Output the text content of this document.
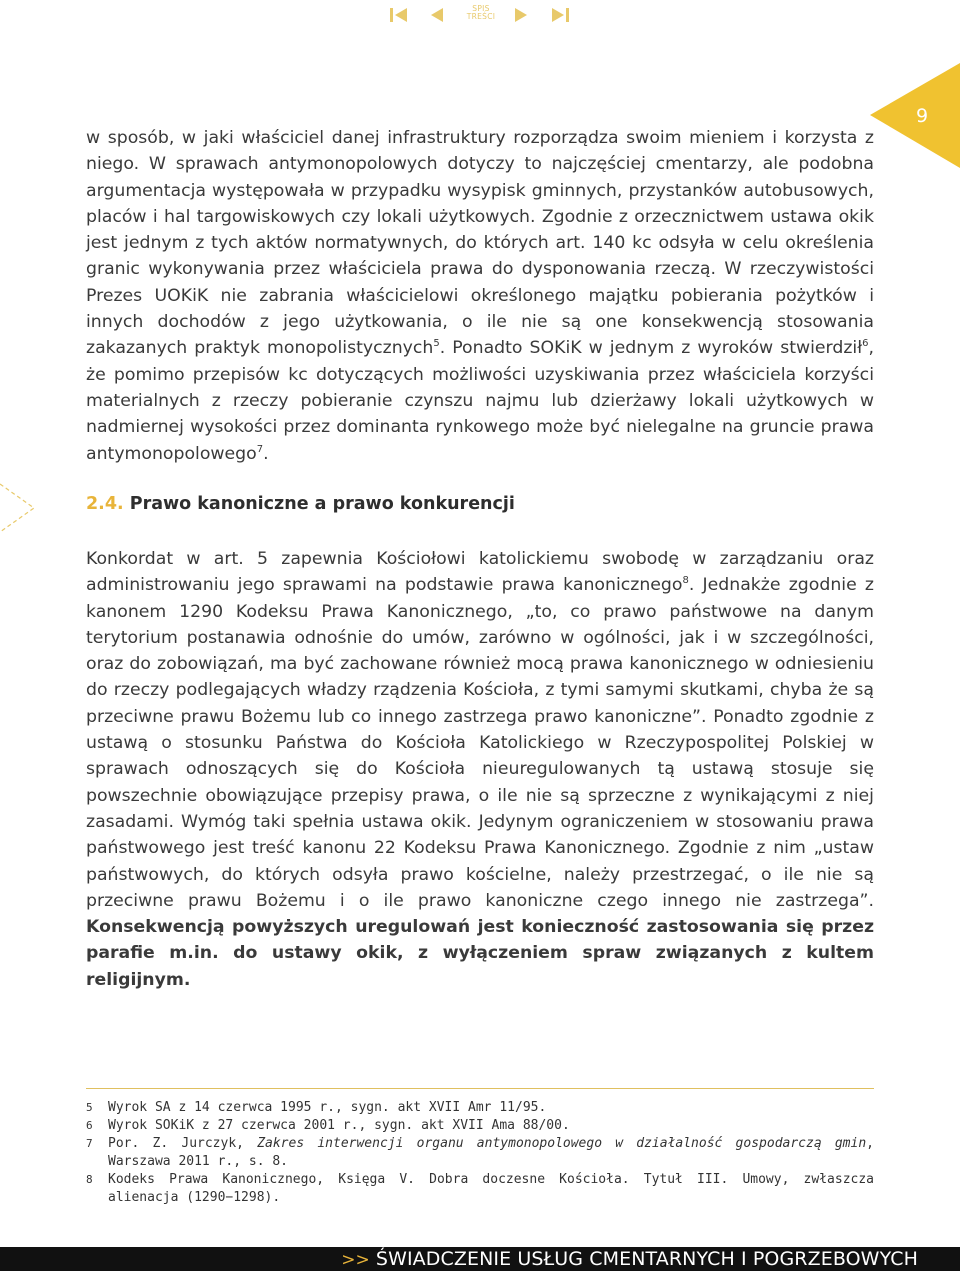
SPIS
TREŚCI
9

w sposób, w jaki właściciel danej infrastruktury rozporządza swoim mieniem i korzysta z niego. W sprawach antymonopolowych dotyczy to najczęściej cmentarzy, ale podobna argumentacja występowała w przypadku wysypisk gminnych, przystanków autobusowych, placów i hal targowiskowych czy lokali użytkowych. Zgodnie z orzecznictwem ustawa okik jest jednym z tych aktów normatywnych, do których art. 140 kc odsyła w celu określenia granic wykonywania przez właściciela prawa do dysponowania rzeczą. W rzeczywistości Prezes UOKiK nie zabrania właścicielowi określonego majątku pobierania pożytków i innych dochodów z jego użytkowania, o ile nie są one konsekwencją stosowania zakazanych praktyk monopolistycznych$^5$. Ponadto SOKiK w jednym z wyroków stwierdził$^6$, że pomimo przepisów kc dotyczących możliwości uzyskiwania przez właściciela korzyści materialnych z rzeczy pobieranie czynszu najmu lub dzierżawy lokali użytkowych w nadmiernej wysokości przez dominanta rynkowego może być nielegalne na gruncie prawa antymonopolowego$^7$.

2.4. Prawo kanoniczne a prawo konkurencji

Konkordat w art. 5 zapewnia Kościołowi katolickiemu swobodę w zarządzaniu oraz administrowaniu jego sprawami na podstawie prawa kanonicznego$^8$. Jednakże zgodnie z kanonem 1290 Kodeksu Prawa Kanonicznego, „to, co prawo państwowe na danym terytorium postanawia odnośnie do umów, zarówno w ogólności, jak i w szczególności, oraz do zobowiązań, ma być zachowane również mocą prawa kanonicznego w odniesieniu do rzeczy podlegających władzy rządzenia Kościoła, z tymi samymi skutkami, chyba że są przeciwne prawu Bożemu lub co innego zastrzega prawo kanoniczne”. Ponadto zgodnie z ustawą o stosunku Państwa do Kościoła Katolickiego w Rzeczypospolitej Polskiej w sprawach odnoszących się do Kościoła nieuregulowanych tą ustawą stosuje się powszechnie obowiązujące przepisy prawa, o ile nie są sprzeczne z wynikającymi z niej zasadami. Wymóg taki spełnia ustawa okik. Jedynym ograniczeniem w stosowaniu prawa państwowego jest treść kanonu 22 Kodeksu Prawa Kanonicznego. Zgodnie z nim „ustaw państwowych, do których odsyła prawo kościelne, należy przestrzegać, o ile nie są przeciwne prawu Bożemu i o ile prawo kanoniczne czego innego nie zastrzega”. Konsekwencją powyższych uregulowań jest konieczność zastosowania się przez parafie m.in. do ustawy okik, z wyłączeniem spraw związanych z kultem religijnym.

5 Wyrok SA z 14 czerwca 1995 r., sygn. akt XVII Amr 11/95.
6 Wyrok SOKiK z 27 czerwca 2001 r., sygn. akt XVII Ama 88/00.
7 Por. Z. Jurczyk, Zakres interwencji organu antymonopolowego w działalność gospodarczą gmin, Warszawa 2011 r., s. 8.
8 Kodeks Prawa Kanonicznego, Księga V. Dobra doczesne Kościoła. Tytuł III. Umowy, zwłaszcza alienacja (1290−1298).
>> ŚWIADCZENIE USŁUG CMENTARNYCH I POGRZEBOWYCH
